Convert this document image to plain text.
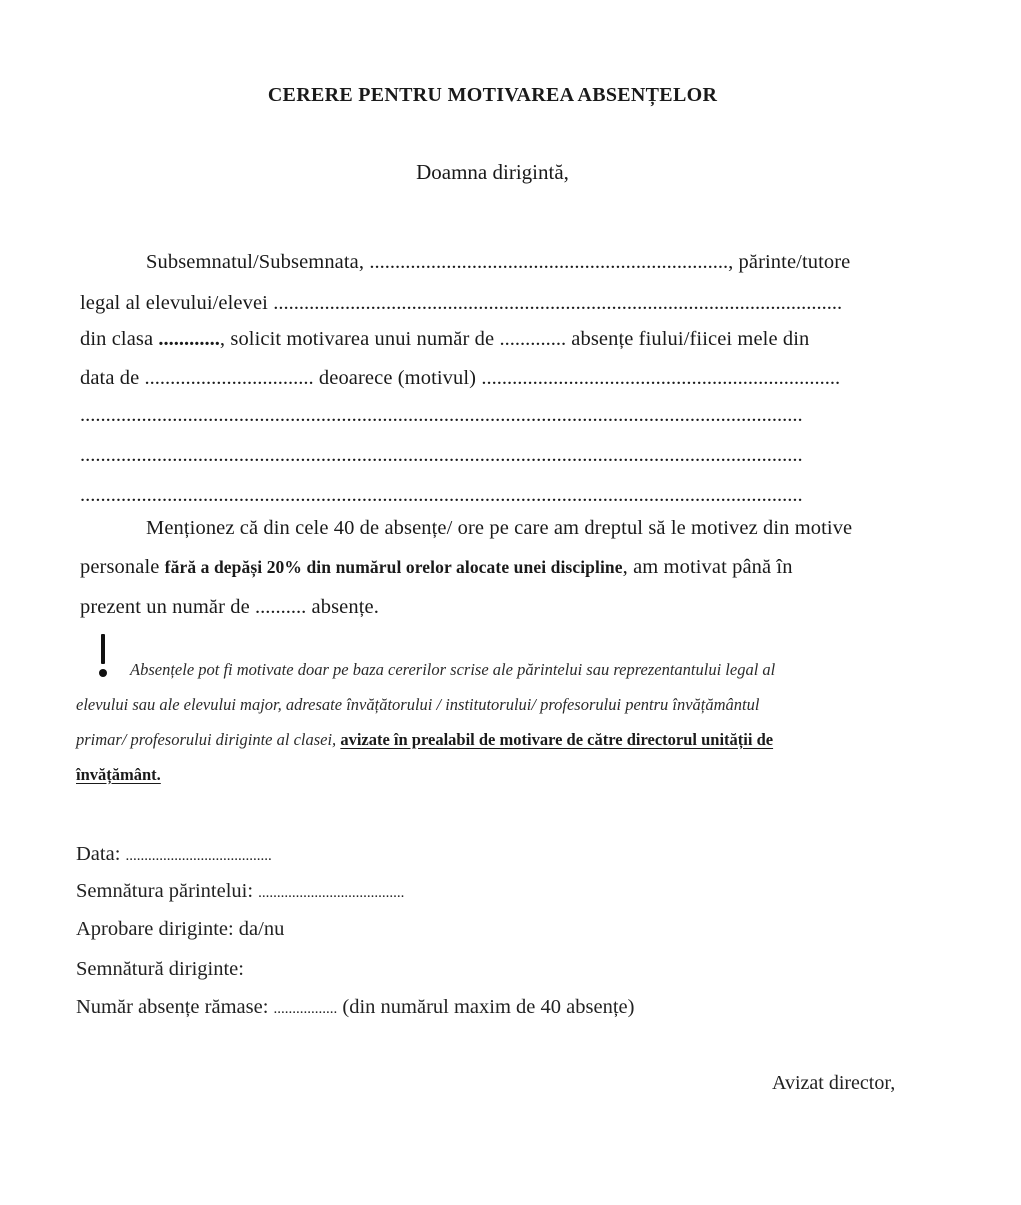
CERERE PENTRU MOTIVAREA ABSENȚELOR
Doamna dirigintă,
Subsemnatul/Subsemnata, ......................................................................, părinte/tutore
legal al elevului/elevei ...............................................................................................................
din clasa ............, solicit motivarea unui număr de ............. absențe fiului/fiicei mele din
data de ................................. deoarece (motivul) ......................................................................
.............................................................................................................................................
.............................................................................................................................................
.............................................................................................................................................
Menționez că din cele 40 de absențe/ ore pe care am dreptul să le motivez din motive
personale fără a depăși 20% din numărul orelor alocate unei discipline, am motivat până în
prezent un număr de .......... absențe.
Absențele pot fi motivate doar pe baza cererilor scrise ale părintelui sau reprezentantului legal al
elevului sau ale elevului major, adresate învățătorului / institutorului/ profesorului pentru învățământul
primar/ profesorului diriginte al clasei, avizate în prealabil de motivare de către directorul unității de
învățământ.
Data: .......................................
Semnătura părintelui: .......................................
Aprobare diriginte: da/nu
Semnătură diriginte:
Număr absențe rămase: ................. (din numărul maxim de 40 absențe)
Avizat director,
